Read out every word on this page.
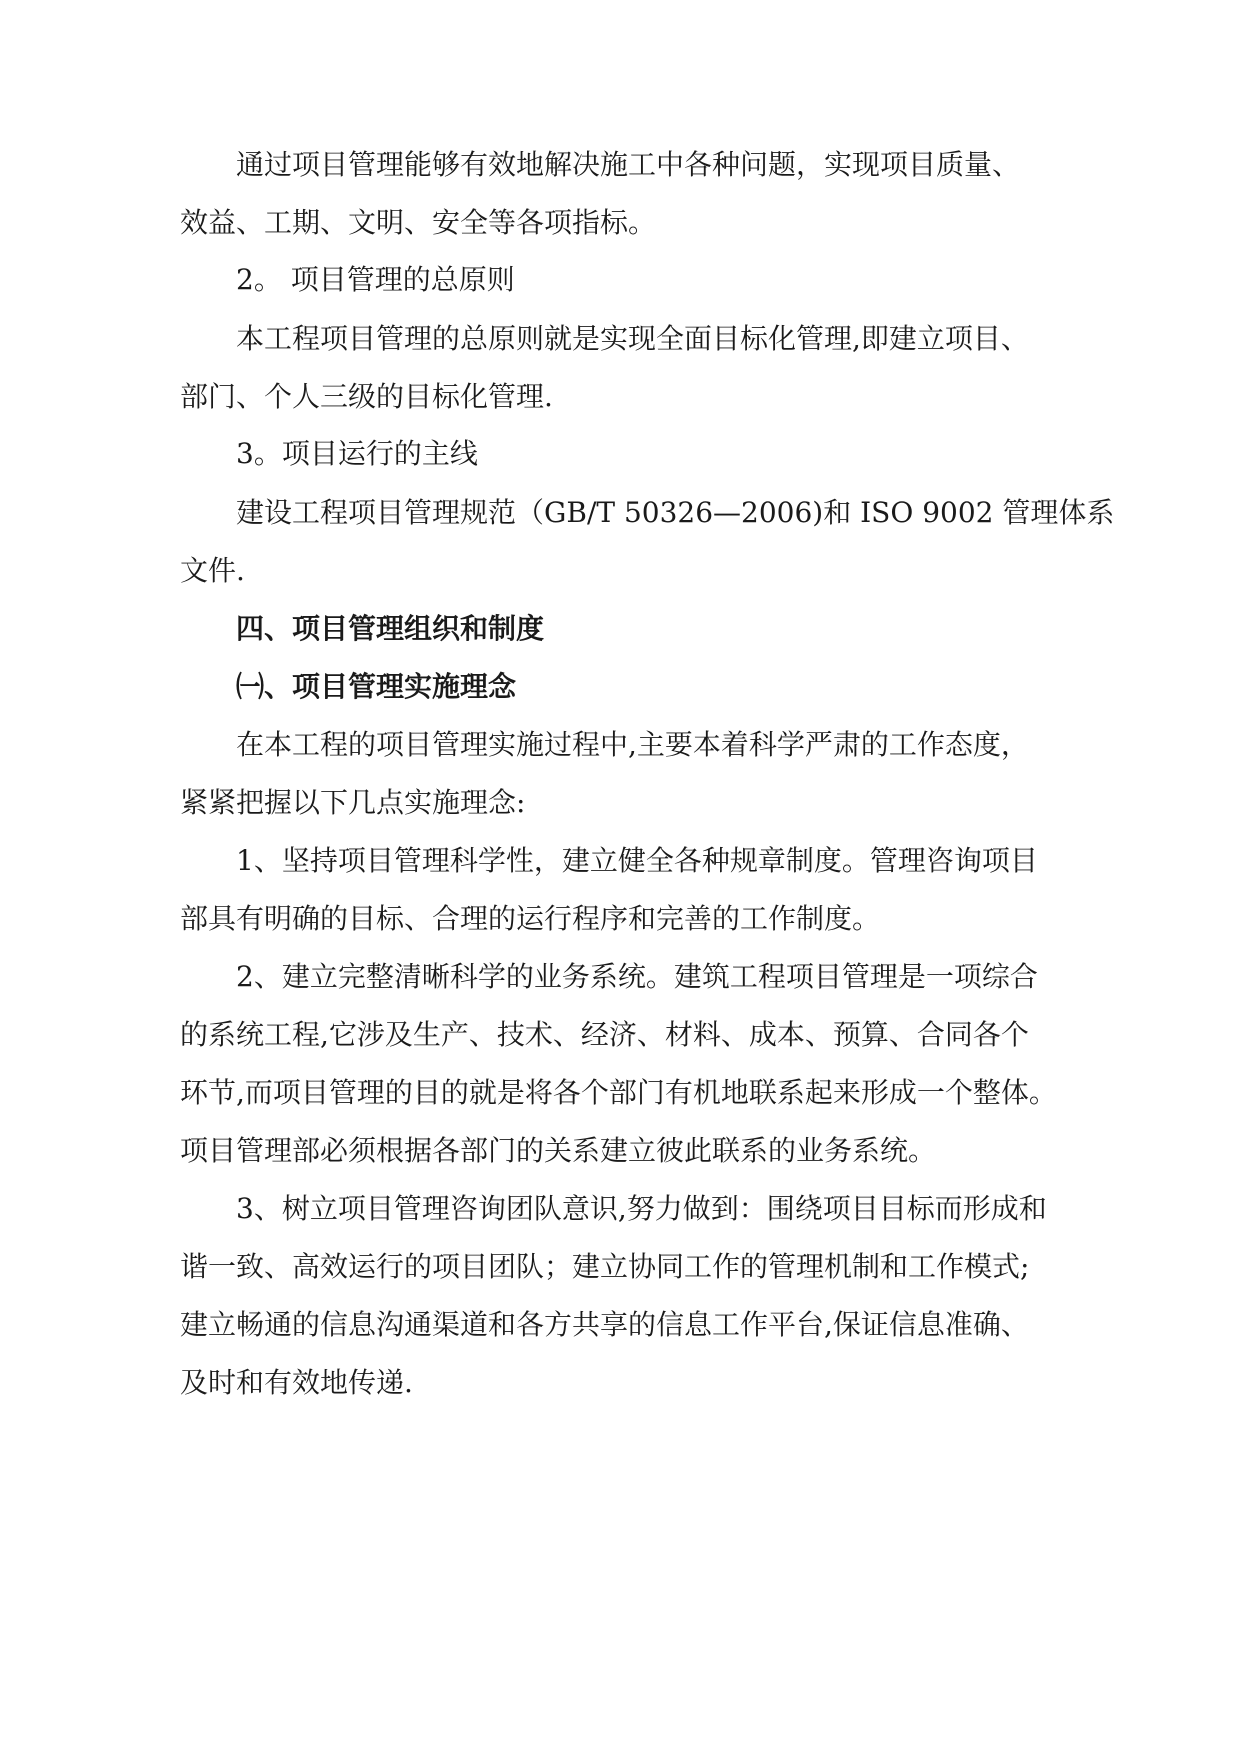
通过项目管理能够有效地解决施工中各种问题，实现项目质量、
效益、工期、文明、安全等各项指标。
2。 项目管理的总原则
本工程项目管理的总原则就是实现全面目标化管理,即建立项目、
部门、个人三级的目标化管理.
3。项目运行的主线
建设工程项目管理规范（GB/T 50326—2006)和 ISO 9002 管理体系
文件.
四、项目管理组织和制度
㈠、项目管理实施理念
在本工程的项目管理实施过程中,主要本着科学严肃的工作态度，
紧紧把握以下几点实施理念:
1、坚持项目管理科学性，建立健全各种规章制度。管理咨询项目
部具有明确的目标、合理的运行程序和完善的工作制度。
2、建立完整清晰科学的业务系统。建筑工程项目管理是一项综合
的系统工程,它涉及生产、技术、经济、材料、成本、预算、合同各个
环节,而项目管理的目的就是将各个部门有机地联系起来形成一个整体。
项目管理部必须根据各部门的关系建立彼此联系的业务系统。
3、树立项目管理咨询团队意识,努力做到：围绕项目目标而形成和
谐一致、高效运行的项目团队；建立协同工作的管理机制和工作模式;
建立畅通的信息沟通渠道和各方共享的信息工作平台,保证信息准确、
及时和有效地传递.
